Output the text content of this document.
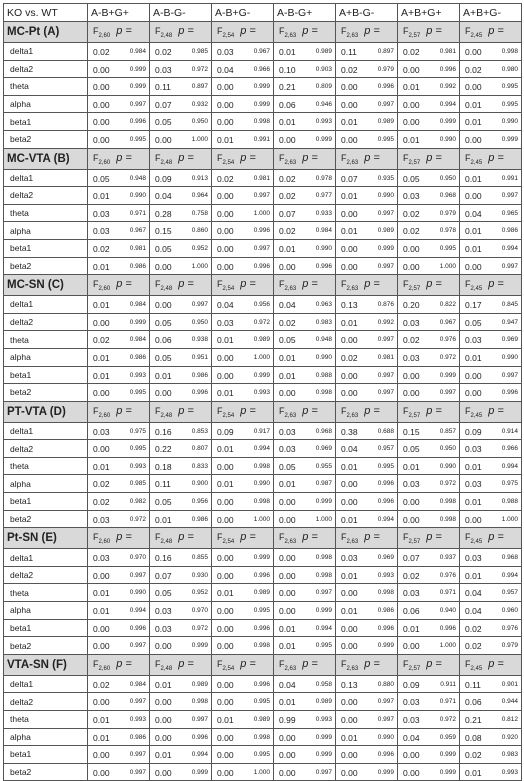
KO vs. WT	A-B+G+	A-B-G-	A-B+G-	A-B-G+	A+B-G-	A+B+G+	A+B+G-
MC-Pt (A)	$F_{2,60}$ p =	$F_{2,48}$ p =	$F_{2,54}$ p =	$F_{2,63}$ p =	$F_{2,63}$ p =	$F_{2,57}$ p =	$F_{2,45}$ p =
delta1	0.02 0.984	0.02 0.985	0.03 0.967	0.01 0.989	0.11 0.897	0.02 0.981	0.00 0.998

delta2	0.00 0.999	0.03 0.972	0.04 0.966	0.10 0.903	0.02 0.979	0.00 0.996	0.02 0.980

theta	0.00 0.999	0.11 0.897	0.00 0.999	0.21 0.809	0.00 0.996	0.01 0.992	0.00 0.995

alpha	0.00 0.997	0.07 0.932	0.00 0.999	0.06 0.946	0.00 0.997	0.00 0.994	0.01 0.995

beta1	0.00 0.996	0.05 0.950	0.00 0.998	0.01 0.993	0.01 0.989	0.00 0.999	0.01 0.990

beta2	0.00 0.995	0.00 1.000	0.01 0.991	0.00 0.999	0.00 0.995	0.01 0.990	0.00 0.999

MC-VTA (B)	$F_{2,60}$ p =	$F_{2,48}$ p =	$F_{2,54}$ p =	$F_{2,63}$ p =	$F_{2,63}$ p =	$F_{2,57}$ p =	$F_{2,45}$ p =
delta1	0.05 0.948	0.09 0.913	0.02 0.981	0.02 0.978	0.07 0.935	0.05 0.950	0.01 0.991

delta2	0.01 0.990	0.04 0.964	0.00 0.997	0.02 0.977	0.01 0.990	0.03 0.968	0.00 0.997

theta	0.03 0.971	0.28 0.758	0.00 1.000	0.07 0.933	0.00 0.997	0.02 0.979	0.04 0.965

alpha	0.03 0.967	0.15 0.860	0.00 0.996	0.02 0.984	0.01 0.989	0.02 0.978	0.01 0.986

beta1	0.02 0.981	0.05 0.952	0.00 0.997	0.01 0.990	0.00 0.999	0.00 0.995	0.01 0.994

beta2	0.01 0.986	0.00 1.000	0.00 0.996	0.00 0.996	0.00 0.997	0.00 1.000	0.00 0.997

MC-SN (C)	$F_{2,60}$ p =	$F_{2,48}$ p =	$F_{2,54}$ p =	$F_{2,63}$ p =	$F_{2,63}$ p =	$F_{2,57}$ p =	$F_{2,45}$ p =
delta1	0.01 0.984	0.00 0.997	0.04 0.956	0.04 0.963	0.13 0.876	0.20 0.822	0.17 0.845

delta2	0.00 0.999	0.05 0.950	0.03 0.972	0.02 0.983	0.01 0.992	0.03 0.967	0.05 0.947

theta	0.02 0.984	0.06 0.938	0.01 0.989	0.05 0.948	0.00 0.997	0.02 0.976	0.03 0.969

alpha	0.01 0.986	0.05 0.951	0.00 1.000	0.01 0.990	0.02 0.981	0.03 0.972	0.01 0.990

beta1	0.01 0.993	0.01 0.986	0.00 0.999	0.01 0.988	0.00 0.997	0.00 0.999	0.00 0.997

beta2	0.00 0.995	0.00 0.996	0.01 0.993	0.00 0.998	0.00 0.997	0.00 0.997	0.00 0.996

PT-VTA (D)	$F_{2,60}$ p =	$F_{2,48}$ p =	$F_{2,54}$ p =	$F_{2,63}$ p =	$F_{2,63}$ p =	$F_{2,57}$ p =	$F_{2,45}$ p =
delta1	0.03 0.975	0.16 0.853	0.09 0.917	0.03 0.968	0.38 0.688	0.15 0.857	0.09 0.914

delta2	0.00 0.995	0.22 0.807	0.01 0.994	0.03 0.969	0.04 0.957	0.05 0.950	0.03 0.966

theta	0.01 0.993	0.18 0.833	0.00 0.998	0.05 0.955	0.01 0.995	0.01 0.990	0.01 0.994

alpha	0.02 0.985	0.11 0.900	0.01 0.990	0.01 0.987	0.00 0.996	0.03 0.972	0.03 0.975

beta1	0.02 0.982	0.05 0.956	0.00 0.998	0.00 0.999	0.00 0.996	0.00 0.998	0.01 0.988

beta2	0.03 0.972	0.01 0.986	0.00 1.000	0.00 1.000	0.01 0.994	0.00 0.998	0.00 1.000

Pt-SN (E)	$F_{2,60}$ p =	$F_{2,48}$ p =	$F_{2,54}$ p =	$F_{2,63}$ p =	$F_{2,63}$ p =	$F_{2,57}$ p =	$F_{2,45}$ p =
delta1	0.03 0.970	0.16 0.855	0.00 0.999	0.00 0.998	0.03 0.969	0.07 0.937	0.03 0.968

delta2	0.00 0.997	0.07 0.930	0.00 0.996	0.00 0.998	0.01 0.993	0.02 0.976	0.01 0.994

theta	0.01 0.990	0.05 0.952	0.01 0.989	0.00 0.997	0.00 0.998	0.03 0.971	0.04 0.957

alpha	0.01 0.994	0.03 0.970	0.00 0.995	0.00 0.999	0.01 0.986	0.06 0.940	0.04 0.960

beta1	0.00 0.996	0.03 0.972	0.00 0.996	0.01 0.994	0.00 0.996	0.01 0.996	0.02 0.976

beta2	0.00 0.997	0.00 0.999	0.00 0.998	0.01 0.995	0.00 0.999	0.00 1.000	0.02 0.979

VTA-SN (F)	$F_{2,60}$ p =	$F_{2,48}$ p =	$F_{2,54}$ p =	$F_{2,63}$ p =	$F_{2,63}$ p =	$F_{2,57}$ p =	$F_{2,45}$ p =
delta1	0.02 0.984	0.01 0.989	0.00 0.996	0.04 0.958	0.13 0.880	0.09 0.911	0.11 0.901

delta2	0.00 0.997	0.00 0.998	0.00 0.995	0.01 0.989	0.00 0.997	0.03 0.971	0.06 0.944

theta	0.01 0.993	0.00 0.997	0.01 0.989	0.99 0.993	0.00 0.997	0.03 0.972	0.21 0.812

alpha	0.01 0.986	0.00 0.996	0.00 0.998	0.00 0.999	0.01 0.990	0.04 0.959	0.08 0.920

beta1	0.00 0.997	0.01 0.994	0.00 0.995	0.00 0.999	0.00 0.996	0.00 0.999	0.02 0.983

beta2	0.00 0.997	0.00 0.999	0.00 1.000	0.00 0.997	0.00 0.999	0.00 0.999	0.01 0.993
